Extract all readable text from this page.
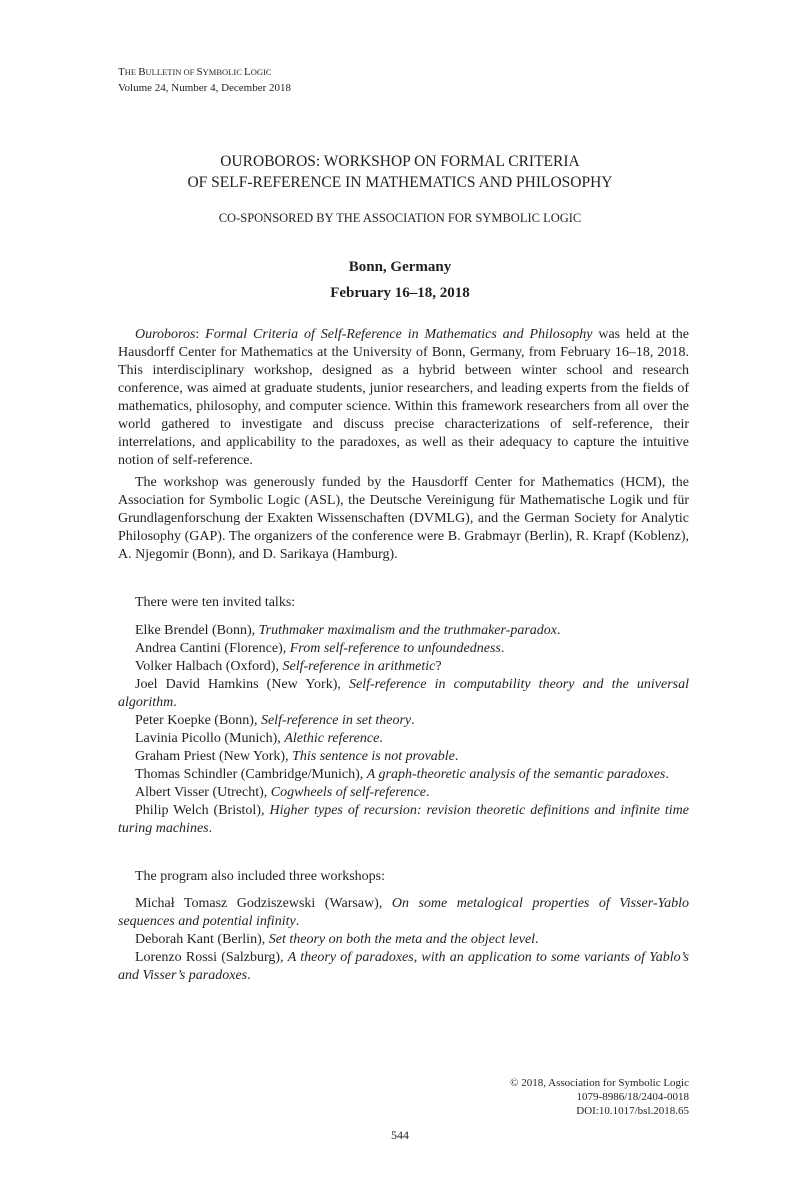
THE BULLETIN OF SYMBOLIC LOGIC
Volume 24, Number 4, December 2018
OUROBOROS: WORKSHOP ON FORMAL CRITERIA
OF SELF-REFERENCE IN MATHEMATICS AND PHILOSOPHY
CO-SPONSORED BY THE ASSOCIATION FOR SYMBOLIC LOGIC
Bonn, Germany
February 16–18, 2018

Ouroboros: Formal Criteria of Self-Reference in Mathematics and Philosophy was held at the Hausdorff Center for Mathematics at the University of Bonn, Germany, from February 16–18, 2018. This interdisciplinary workshop, designed as a hybrid between winter school and research conference, was aimed at graduate students, junior researchers, and leading experts from the fields of mathematics, philosophy, and computer science. Within this framework researchers from all over the world gathered to investigate and discuss precise characterizations of self-reference, their interrelations, and applicability to the paradoxes, as well as their adequacy to capture the intuitive notion of self-reference.

The workshop was generously funded by the Hausdorff Center for Mathematics (HCM), the Association for Symbolic Logic (ASL), the Deutsche Vereinigung für Mathematische Logik und für Grundlagenforschung der Exakten Wissenschaften (DVMLG), and the German Society for Analytic Philosophy (GAP). The organizers of the conference were B. Grabmayr (Berlin), R. Krapf (Koblenz), A. Njegomir (Bonn), and D. Sarikaya (Hamburg).

There were ten invited talks:

Elke Brendel (Bonn), Truthmaker maximalism and the truthmaker-paradox.

Andrea Cantini (Florence), From self-reference to unfoundedness.

Volker Halbach (Oxford), Self-reference in arithmetic?

Joel David Hamkins (New York), Self-reference in computability theory and the universal algorithm.

Peter Koepke (Bonn), Self-reference in set theory.

Lavinia Picollo (Munich), Alethic reference.

Graham Priest (New York), This sentence is not provable.

Thomas Schindler (Cambridge/Munich), A graph-theoretic analysis of the semantic paradoxes.

Albert Visser (Utrecht), Cogwheels of self-reference.

Philip Welch (Bristol), Higher types of recursion: revision theoretic definitions and infinite time turing machines.

The program also included three workshops:

Michał Tomasz Godziszewski (Warsaw), On some metalogical properties of Visser-Yablo sequences and potential infinity.

Deborah Kant (Berlin), Set theory on both the meta and the object level.

Lorenzo Rossi (Salzburg), A theory of paradoxes, with an application to some variants of Yablo’s and Visser’s paradoxes.

© 2018, Association for Symbolic Logic
1079-8986/18/2404-0018
DOI:10.1017/bsl.2018.65
544
